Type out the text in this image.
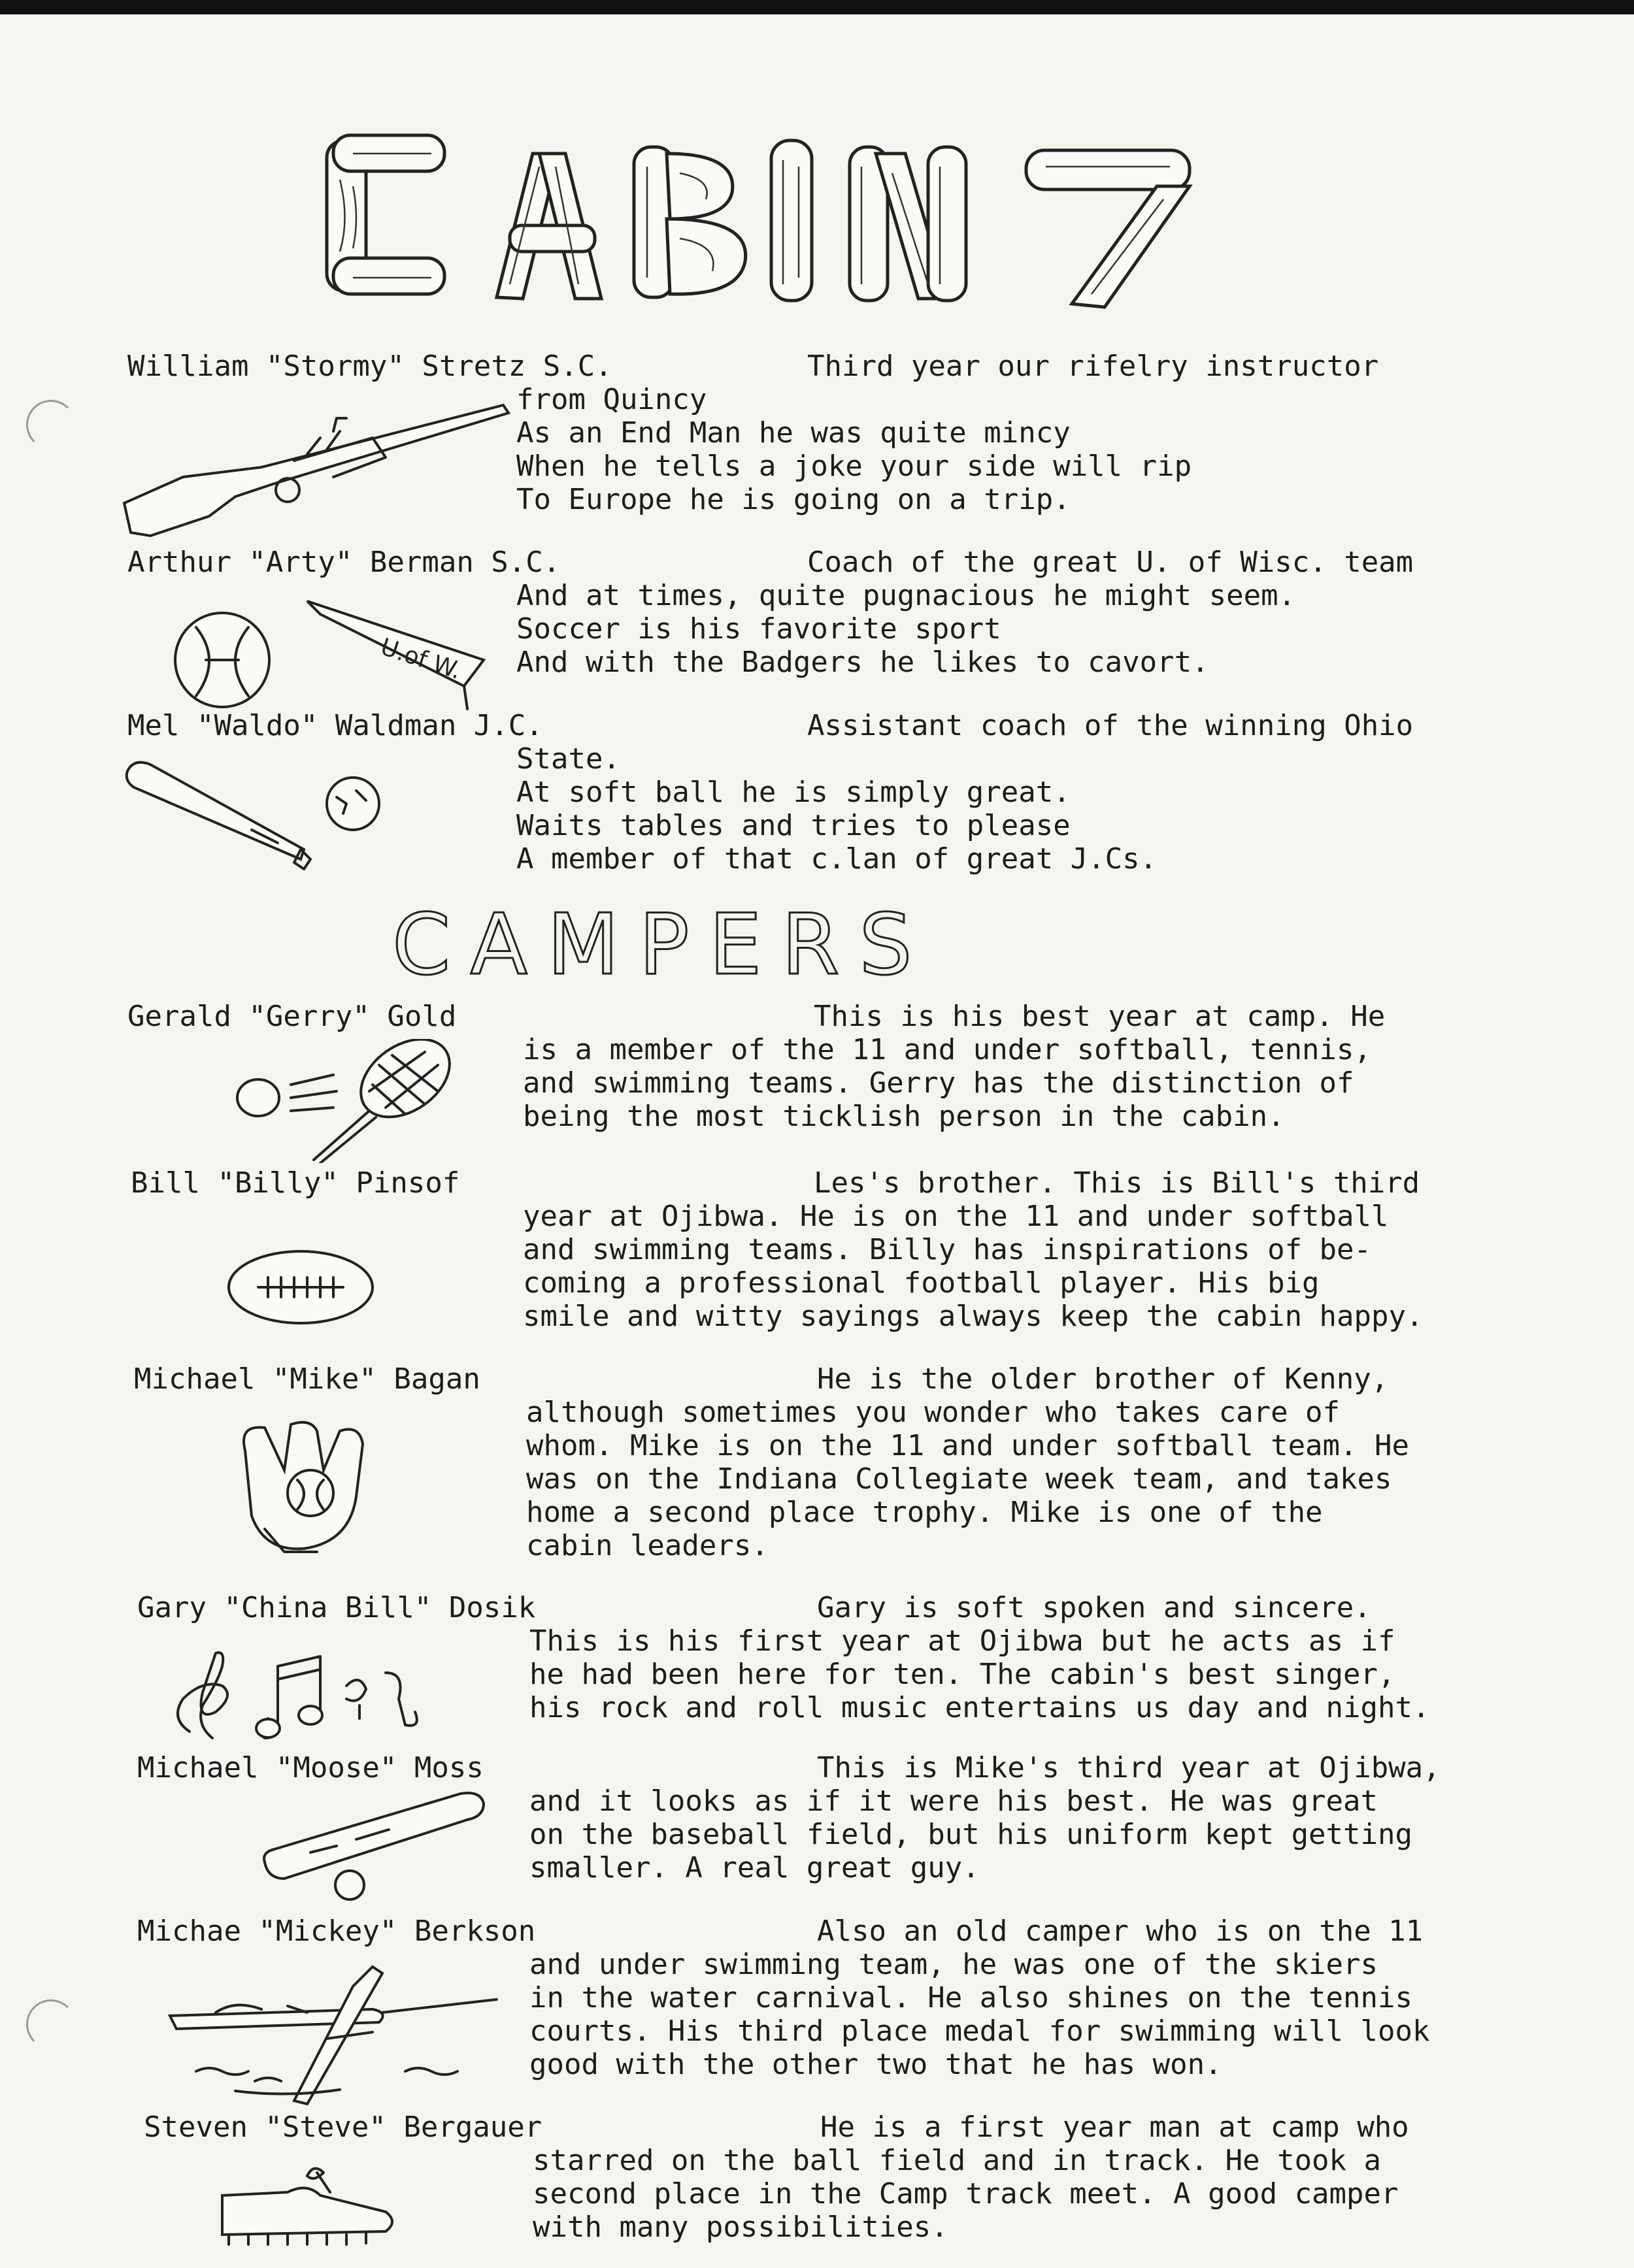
William "Stormy" Stretz S.C.	Third year our rifelry instructor
from Quincy
As an End Man he was quite mincy
When he tells a joke your side will rip
To Europe he is going on a trip.
Arthur "Arty" Berman S.C.	Coach of the great U. of Wisc. team
And at times, quite pugnacious he might seem.
Soccer is his favorite sport
And with the Badgers he likes to cavort.
U.of W.
Mel "Waldo" Waldman J.C.	Assistant coach of the winning Ohio
State.
At soft ball he is simply great.
Waits tables and tries to please
A member of that c.lan of great J.Cs.
CAMPERS
Gerald "Gerry" Gold	This is his best year at camp. He
is a member of the 11 and under softball, tennis,
and swimming teams. Gerry has the distinction of
being the most ticklish person in the cabin.
Bill "Billy" Pinsof	Les's brother. This is Bill's third
year at Ojibwa. He is on the 11 and under softball
and swimming teams. Billy has inspirations of be-
coming a professional football player. His big
smile and witty sayings always keep the cabin happy.
Michael "Mike" Bagan	He is the older brother of Kenny,
although sometimes you wonder who takes care of
whom. Mike is on the 11 and under softball team. He
was on the Indiana Collegiate week team, and takes
home a second place trophy. Mike is one of the
cabin leaders.
Gary "China Bill" Dosik	Gary is soft spoken and sincere.
This is his first year at Ojibwa but he acts as if
he had been here for ten. The cabin's best singer,
his rock and roll music entertains us day and night.
Michael "Moose" Moss	This is Mike's third year at Ojibwa,
and it looks as if it were his best. He was great
on the baseball field, but his uniform kept getting
smaller. A real great guy.
Michae "Mickey" Berkson	Also an old camper who is on the 11
and under swimming team, he was one of the skiers
in the water carnival. He also shines on the tennis
courts. His third place medal for swimming will look
good with the other two that he has won.
Steven "Steve" Bergauer	He is a first year man at camp who
starred on the ball field and in track. He took a
second place in the Camp track meet. A good camper
with many possibilities.
